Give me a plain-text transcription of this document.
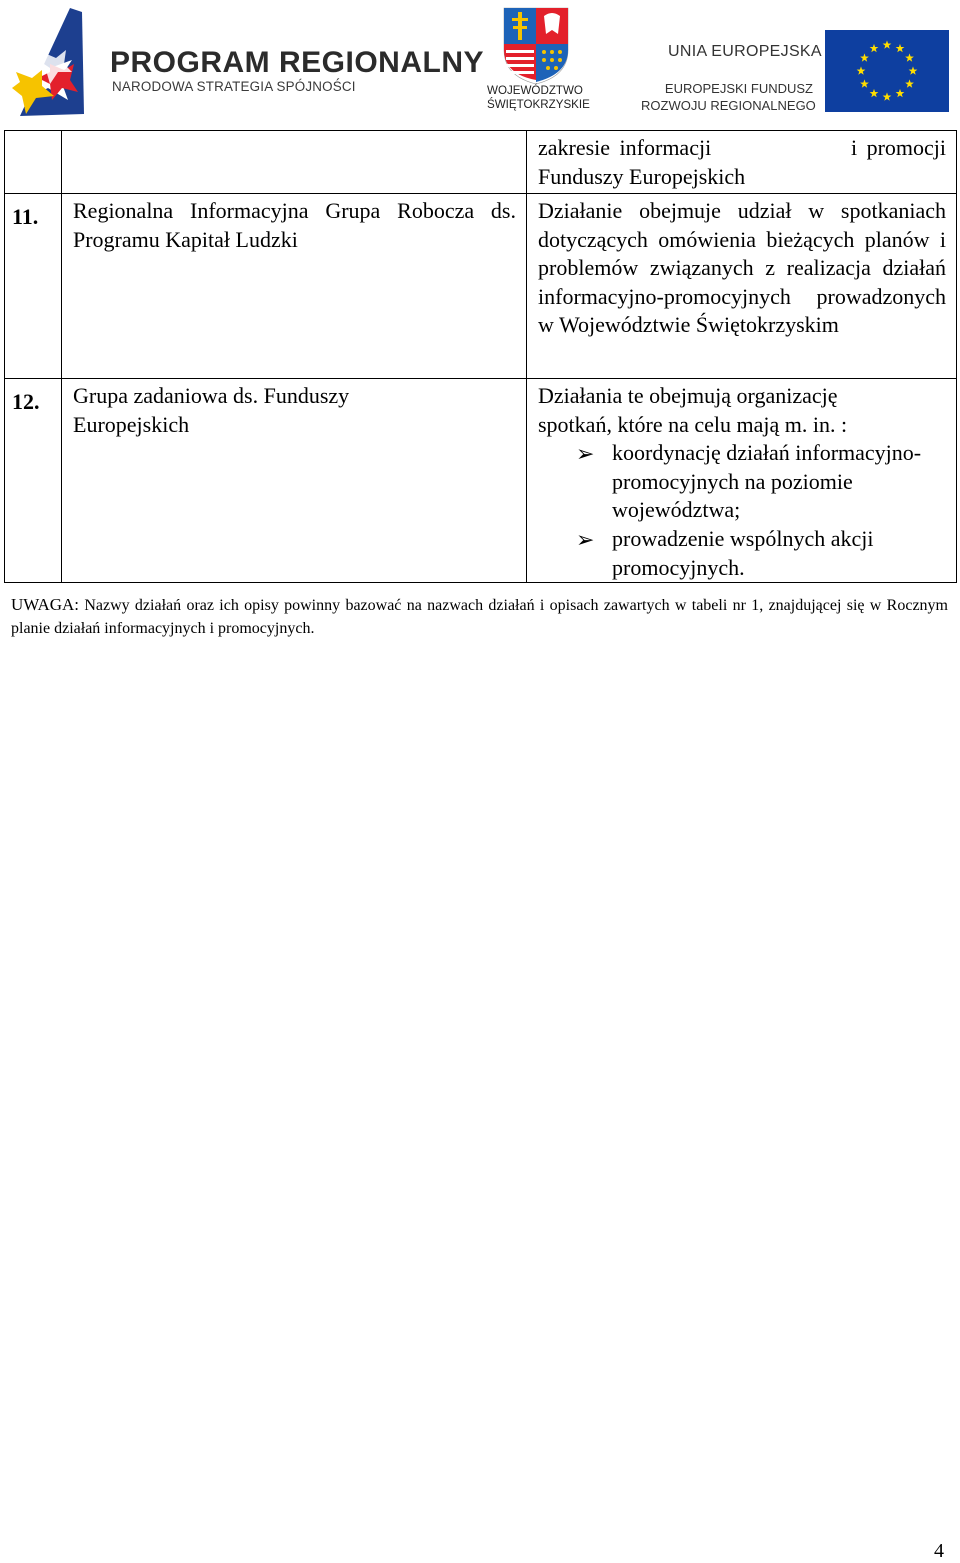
PROGRAM REGIONALNY
NARODOWA STRATEGIA SPÓJNOŚCI	WOJEWÓDZTWO
ŚWIĘTOKRZYSKIE
UNIA EUROPEJSKA
EUROPEJSKI FUNDUSZ
ROZWOJU REGIONALNEGO

		zakresie informacji i promocji
Funduszy Europejskich

11.	Regionalna Informacyjna Grupa Robocza ds. Programu Kapitał Ludzki	Działanie obejmuje udział w spotkaniach dotyczących omówienia bieżących planów i problemów związanych z realizacja działań informacyjno-promocyjnych prowadzonych w Województwie Świętokrzyskim
12.	Grupa zadaniowa ds. Funduszy Europejskich	Działania te obejmują organizację spotkań, które na celu mają m. in. :
➢ koordynację działań informacyjno-promocyjnych na poziomie województwa;
➢ prowadzenie wspólnych akcji promocyjnych.
UWAGA: Nazwy działań oraz ich opisy powinny bazować na nazwach działań i opisach zawartych w tabeli nr 1, znajdującej się w Rocznym planie działań informacyjnych i promocyjnych.
4
